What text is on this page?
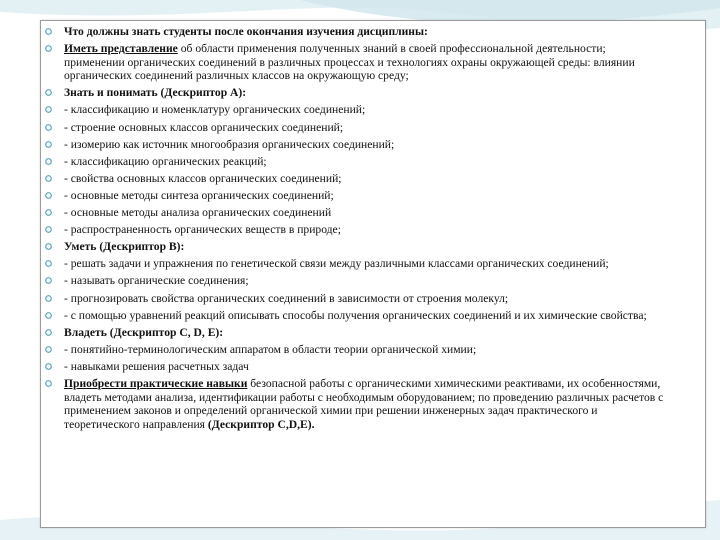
Что должны знать студенты после окончания изучения дисциплины:
Иметь представление об области применения полученных знаний в своей профессиональной деятельности; применении органических соединений в различных процессах и технологиях охраны окружающей среды: влиянии органических соединений различных классов на окружающую среду;
Знать и понимать (Дескриптор А):
- классификацию и номенклатуру органических соединений;
- строение основных классов органических соединений;
- изомерию как источник многообразия органических соединений;
- классификацию органических реакций;
- свойства основных классов органических соединений;
- основные методы синтеза органических соединений;
- основные методы анализа органических соединений
- распространенность органических веществ в природе;
Уметь (Дескриптор В):
- решать задачи и упражнения по генетической связи между различными классами органических соединений;
- называть органические соединения;
- прогнозировать свойства органических соединений в зависимости от строения молекул;
- с помощью уравнений реакций описывать способы получения органических соединений и их химические свойства;
Владеть (Дескриптор С, D, E):
- понятийно-терминологическим аппаратом в области теории органической химии;
- навыками решения расчетных задач
Приобрести практические навыки безопасной работы с органическими химическими реактивами, их особенностями, владеть методами анализа, идентификации работы с необходимым оборудованием; по проведению различных расчетов с применением законов и определений органической химии при решении инженерных задач практического и теоретического направления (Дескриптор С,D,E).
